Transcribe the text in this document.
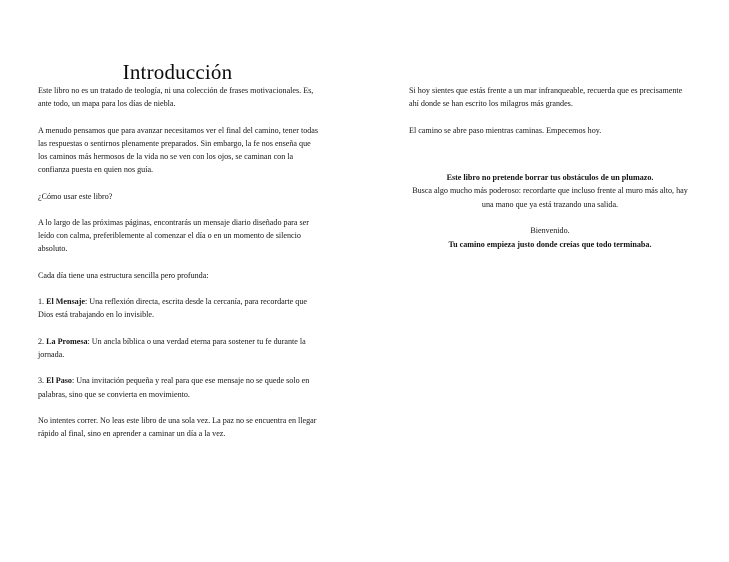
Introducción

Este libro no es un tratado de teología, ni una colección de frases motivacionales. Es, ante todo, un mapa para los días de niebla.

A menudo pensamos que para avanzar necesitamos ver el final del camino, tener todas las respuestas o sentirnos plenamente preparados. Sin embargo, la fe nos enseña que los caminos más hermosos de la vida no se ven con los ojos, se caminan con la confianza puesta en quien nos guía.

¿Cómo usar este libro?

A lo largo de las próximas páginas, encontrarás un mensaje diario diseñado para ser leído con calma, preferiblemente al comenzar el día o en un momento de silencio absoluto.

Cada día tiene una estructura sencilla pero profunda:

1. El Mensaje: Una reflexión directa, escrita desde la cercanía, para recordarte que Dios está trabajando en lo invisible.

2. La Promesa: Un ancla bíblica o una verdad eterna para sostener tu fe durante la jornada.

3. El Paso: Una invitación pequeña y real para que ese mensaje no se quede solo en palabras, sino que se convierta en movimiento.

No intentes correr. No leas este libro de una sola vez. La paz no se encuentra en llegar rápido al final, sino en aprender a caminar un día a la vez.

Si hoy sientes que estás frente a un mar infranqueable, recuerda que es precisamente ahí donde se han escrito los milagros más grandes.

El camino se abre paso mientras caminas. Empecemos hoy.

Este libro no pretende borrar tus obstáculos de un plumazo.

Busca algo mucho más poderoso: recordarte que incluso frente al muro más alto, hay una mano que ya está trazando una salida.

Bienvenido.

Tu camino empieza justo donde creías que todo terminaba.
